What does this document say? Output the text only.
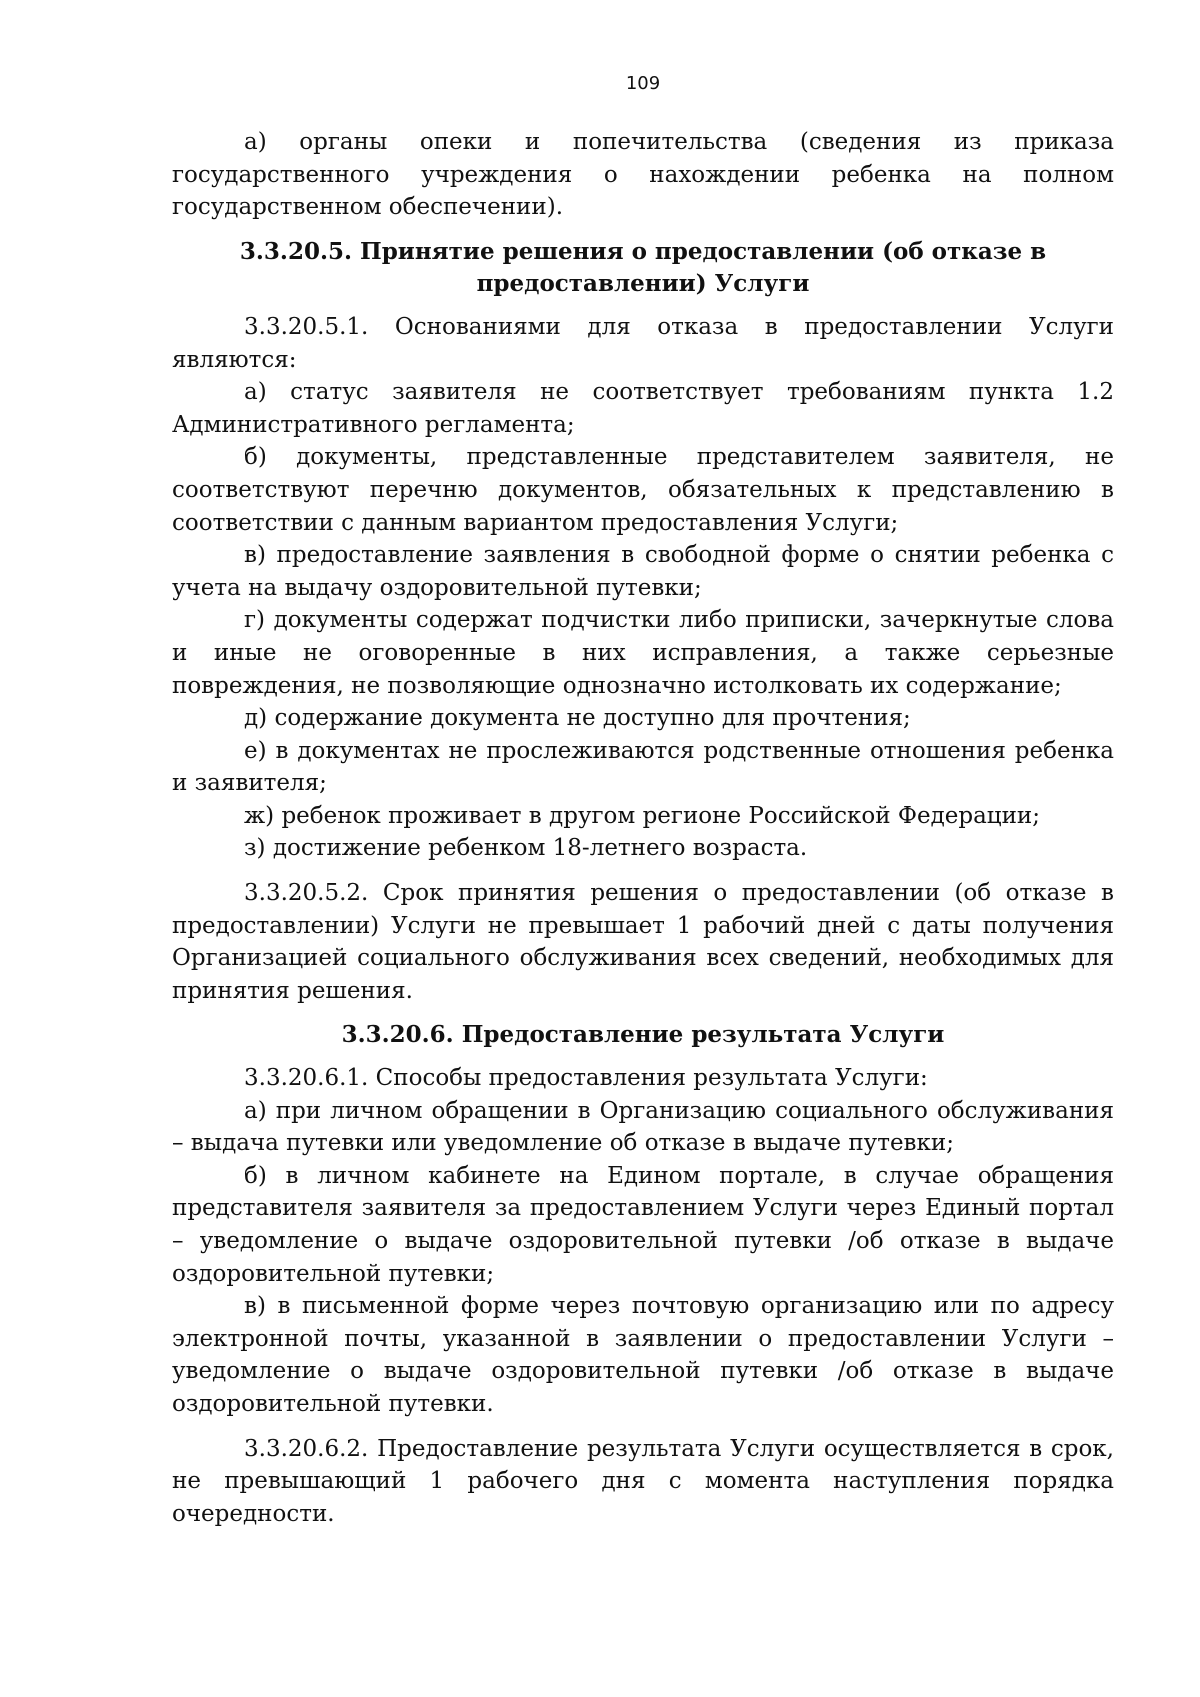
109

а) органы опеки и попечительства (сведения из приказа государственного учреждения о нахождении ребенка на полном государственном обеспечении).

3.3.20.5. Принятие решения о предоставлении (об отказе в
предоставлении) Услуги

3.3.20.5.1. Основаниями для отказа в предоставлении Услуги являются:

а) статус заявителя не соответствует требованиям пункта 1.2 Административного регламента;

б) документы, представленные представителем заявителя, не соответствуют перечню документов, обязательных к представлению в соответствии с данным вариантом предоставления Услуги;

в) предоставление заявления в свободной форме о снятии ребенка с учета на выдачу оздоровительной путевки;

г) документы содержат подчистки либо приписки, зачеркнутые слова и иные не оговоренные в них исправления, а также серьезные повреждения, не позволяющие однозначно истолковать их содержание;

д) содержание документа не доступно для прочтения;

е) в документах не прослеживаются родственные отношения ребенка и заявителя;

ж) ребенок проживает в другом регионе Российской Федерации;

з) достижение ребенком 18-летнего возраста.

3.3.20.5.2. Срок принятия решения о предоставлении (об отказе в предоставлении) Услуги не превышает 1 рабочий дней с даты получения Организацией социального обслуживания всех сведений, необходимых для принятия решения.

3.3.20.6. Предоставление результата Услуги

3.3.20.6.1. Способы предоставления результата Услуги:

а) при личном обращении в Организацию социального обслуживания – выдача путевки или уведомление об отказе в выдаче путевки;

б) в личном кабинете на Едином портале, в случае обращения представителя заявителя за предоставлением Услуги через Единый портал – уведомление о выдаче оздоровительной путевки /об отказе в выдаче оздоровительной путевки;

в) в письменной форме через почтовую организацию или по адресу электронной почты, указанной в заявлении о предоставлении Услуги – уведомление о выдаче оздоровительной путевки /об отказе в выдаче оздоровительной путевки.

3.3.20.6.2. Предоставление результата Услуги осуществляется в срок, не превышающий 1 рабочего дня с момента наступления порядка очередности.
